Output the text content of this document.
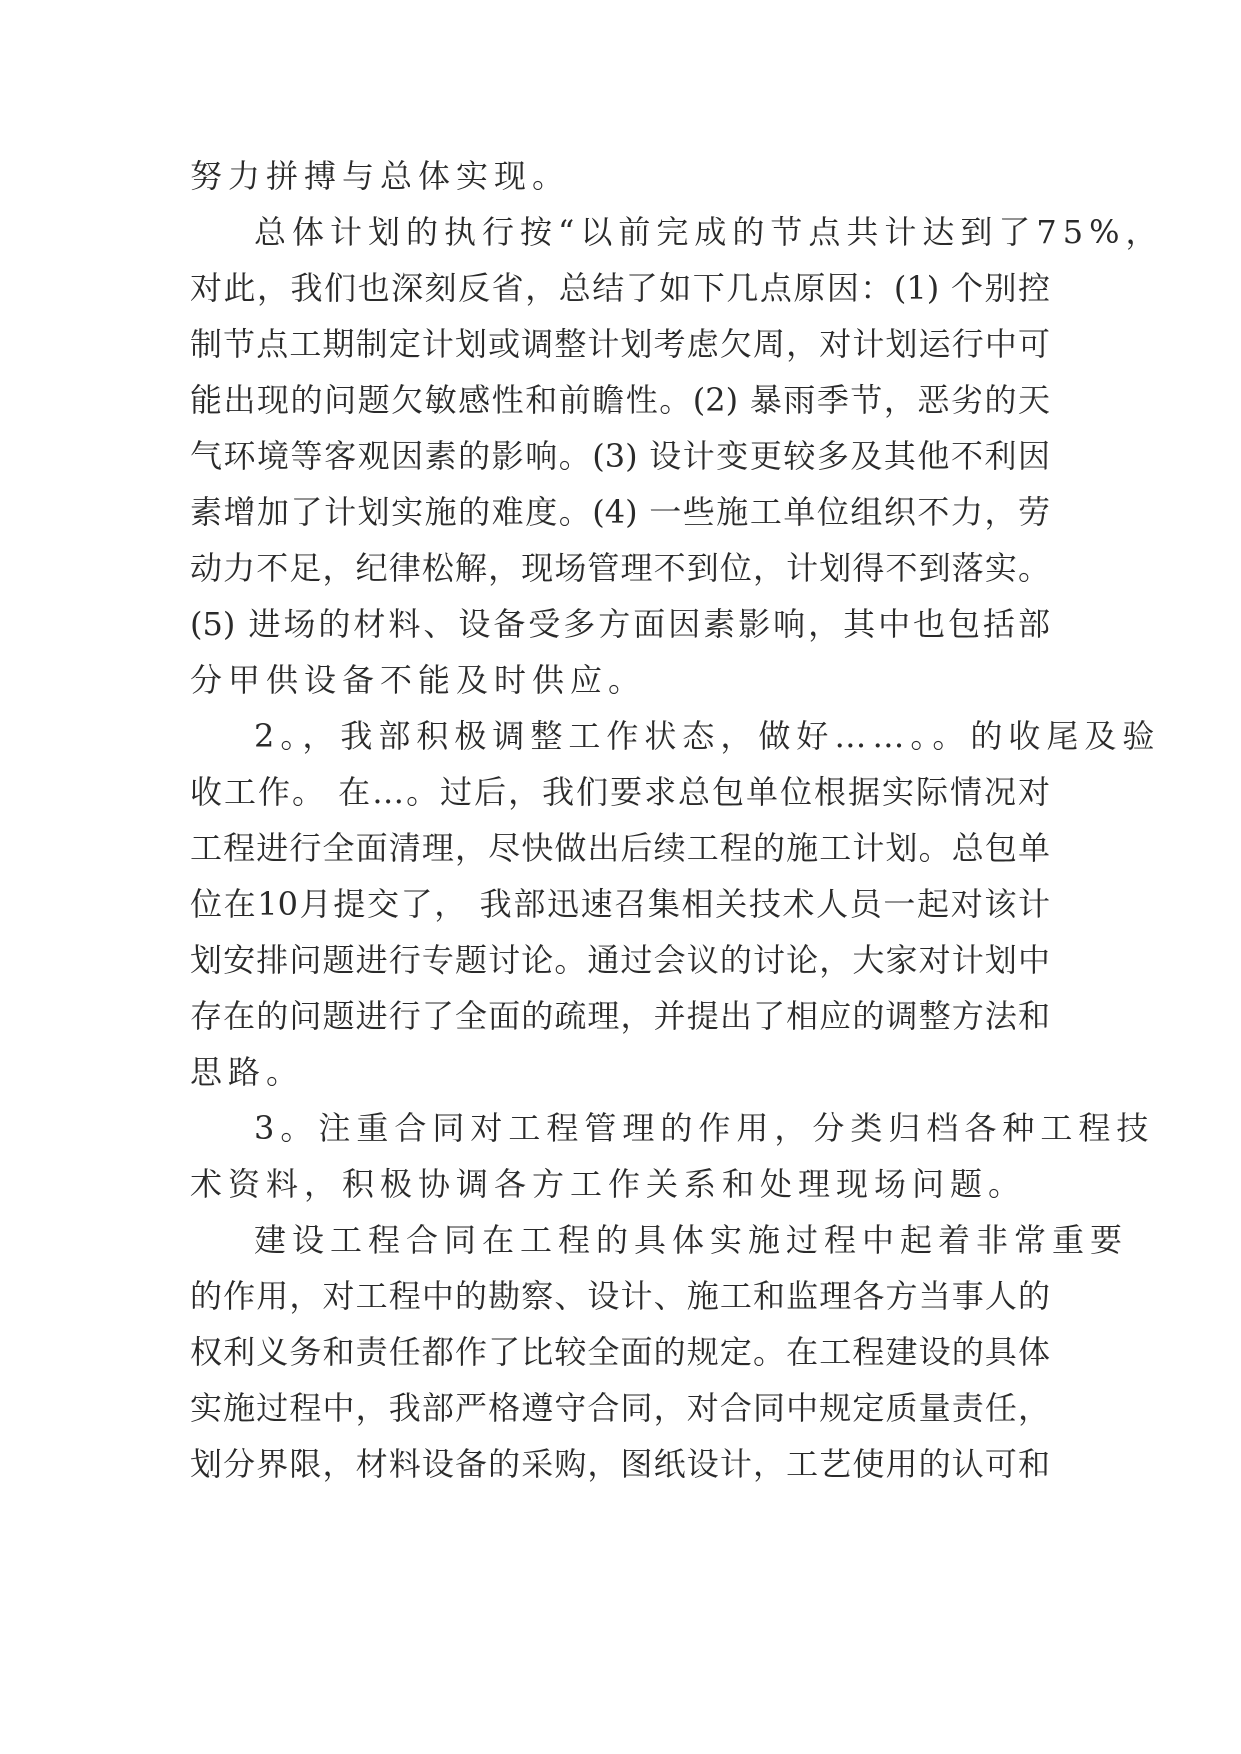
努力拼搏与总体实现。
总体计划的执行按“以前完成的节点共计达到了75%，
对此，我们也深刻反省，总结了如下几点原因：(1) 个别控
制节点工期制定计划或调整计划考虑欠周，对计划运行中可
能出现的问题欠敏感性和前瞻性。(2) 暴雨季节，恶劣的天
气环境等客观因素的影响。(3) 设计变更较多及其他不利因
素增加了计划实施的难度。(4) 一些施工单位组织不力，劳
动力不足，纪律松解，现场管理不到位，计划得不到落实。
(5) 进场的材料、设备受多方面因素影响，其中也包括部
分甲供设备不能及时供应。
2。，我部积极调整工作状态，做好……。。的收尾及验
收工作。 在…。过后，我们要求总包单位根据实际情况对
工程进行全面清理，尽快做出后续工程的施工计划。总包单
位在10月提交了， 我部迅速召集相关技术人员一起对该计
划安排问题进行专题讨论。通过会议的讨论，大家对计划中
存在的问题进行了全面的疏理，并提出了相应的调整方法和
思路。
3。注重合同对工程管理的作用，分类归档各种工程技
术资料，积极协调各方工作关系和处理现场问题。
建设工程合同在工程的具体实施过程中起着非常重要
的作用，对工程中的勘察、设计、施工和监理各方当事人的
权利义务和责任都作了比较全面的规定。在工程建设的具体
实施过程中，我部严格遵守合同，对合同中规定质量责任，
划分界限，材料设备的采购，图纸设计，工艺使用的认可和
